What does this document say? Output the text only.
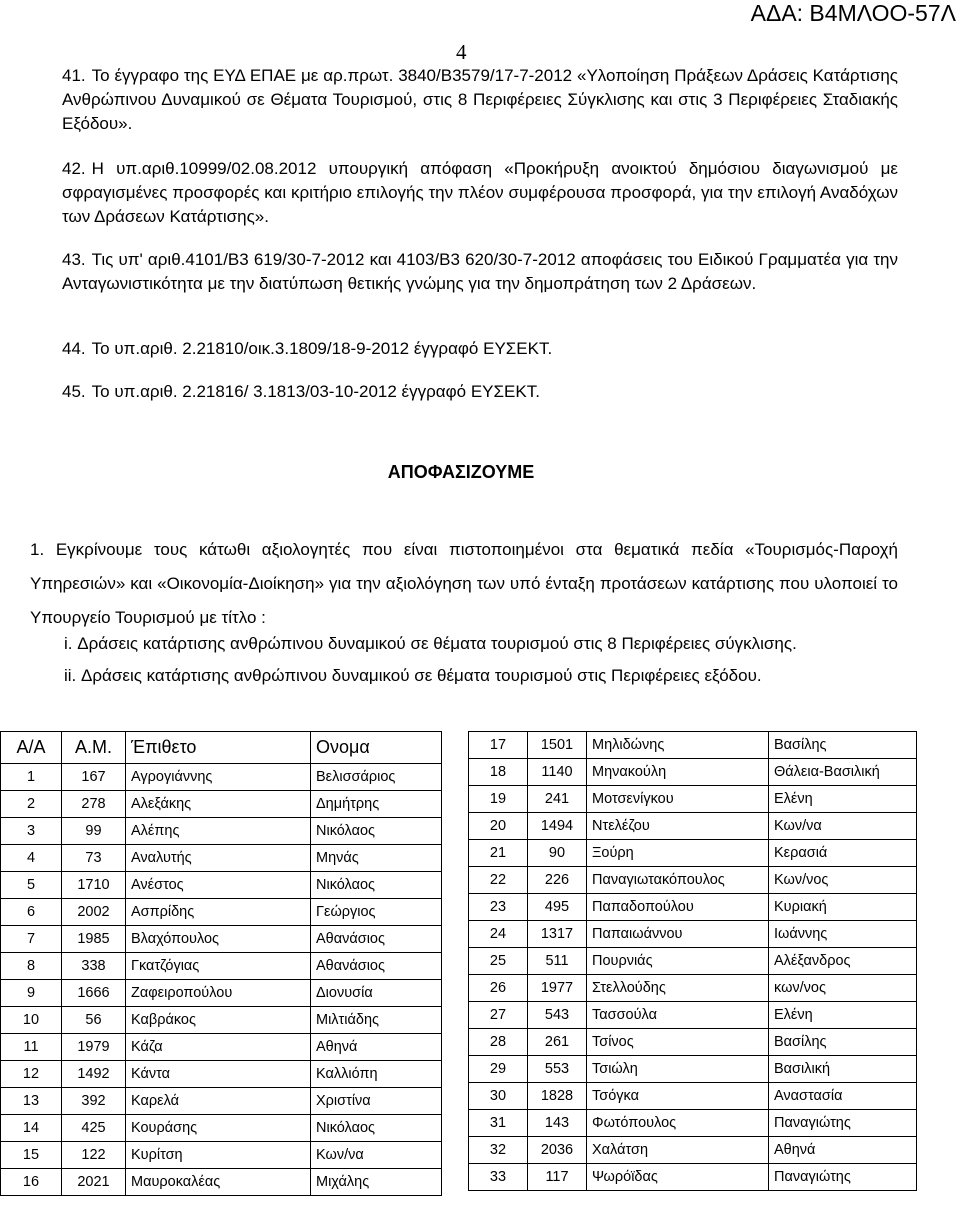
ΑΔΑ: Β4ΜΛΟΟ-57Λ
4
41. Το έγγραφο της ΕΥΔ ΕΠΑΕ με αρ.πρωτ. 3840/Β3579/17-7-2012 «Υλοποίηση Πράξεων Δράσεις Κατάρτισης Ανθρώπινου Δυναμικού σε Θέματα Τουρισμού, στις 8 Περιφέρειες Σύγκλισης και στις 3 Περιφέρειες Σταδιακής Εξόδου».
42. Η υπ.αριθ.10999/02.08.2012 υπουργική απόφαση «Προκήρυξη ανοικτού δημόσιου διαγωνισμού με σφραγισμένες προσφορές και κριτήριο επιλογής την πλέον συμφέρουσα προσφορά, για την επιλογή Αναδόχων των Δράσεων Κατάρτισης».
43. Τις υπ' αριθ.4101/Β3 619/30-7-2012 και 4103/Β3 620/30-7-2012 αποφάσεις του Ειδικού Γραμματέα για την Ανταγωνιστικότητα με την διατύπωση θετικής γνώμης για την δημοπράτηση των 2 Δράσεων.
44. Το υπ.αριθ. 2.21810/οικ.3.1809/18-9-2012 έγγραφό ΕΥΣΕΚΤ.
45. Το υπ.αριθ. 2.21816/ 3.1813/03-10-2012 έγγραφό ΕΥΣΕΚΤ.
ΑΠΟΦΑΣΙΖΟΥΜΕ
1. Εγκρίνουμε τους κάτωθι αξιολογητές που είναι πιστοποιημένοι στα θεματικά πεδία «Τουρισμός-Παροχή Υπηρεσιών» και «Οικονομία-Διοίκηση» για την αξιολόγηση των υπό ένταξη προτάσεων κατάρτισης που υλοποιεί το Υπουργείο Τουρισμού με τίτλο :
i. Δράσεις κατάρτισης ανθρώπινου δυναμικού σε θέματα τουρισμού στις 8 Περιφέρειες σύγκλισης.
ii. Δράσεις κατάρτισης ανθρώπινου δυναμικού σε θέματα τουρισμού στις Περιφέρειες εξόδου.
Α/Α	Α.Μ.	Έπιθετο	Ονομα
1	167	Αγρογιάννης	Βελισσάριος
2	278	Αλεξάκης	Δημήτρης
3	99	Αλέπης	Νικόλαος
4	73	Αναλυτής	Μηνάς
5	1710	Ανέστος	Νικόλαος
6	2002	Ασπρίδης	Γεώργιος
7	1985	Βλαχόπουλος	Αθανάσιος
8	338	Γκατζόγιας	Αθανάσιος
9	1666	Ζαφειροπούλου	Διονυσία
10	56	Καβράκος	Μιλτιάδης
11	1979	Κάζα	Αθηνά
12	1492	Κάντα	Καλλιόπη
13	392	Καρελά	Χριστίνα
14	425	Κουράσης	Νικόλαος
15	122	Κυρίτση	Κων/να
16	2021	Μαυροκαλέας	Μιχάλης
17	1501	Μηλιδώνης	Βασίλης
18	1140	Μηνακούλη	Θάλεια-Βασιλική
19	241	Μοτσενίγκου	Ελένη
20	1494	Ντελέζου	Κων/να
21	90	Ξούρη	Κερασιά
22	226	Παναγιωτακόπουλος	Κων/νος
23	495	Παπαδοπούλου	Κυριακή
24	1317	Παπαιωάννου	Ιωάννης
25	511	Πουρνιάς	Αλέξανδρος
26	1977	Στελλούδης	κων/νος
27	543	Τασσούλα	Ελένη
28	261	Τσίνος	Βασίλης
29	553	Τσιώλη	Βασιλική
30	1828	Τσόγκα	Αναστασία
31	143	Φωτόπουλος	Παναγιώτης
32	2036	Χαλάτση	Αθηνά
33	117	Ψωρόϊδας	Παναγιώτης
